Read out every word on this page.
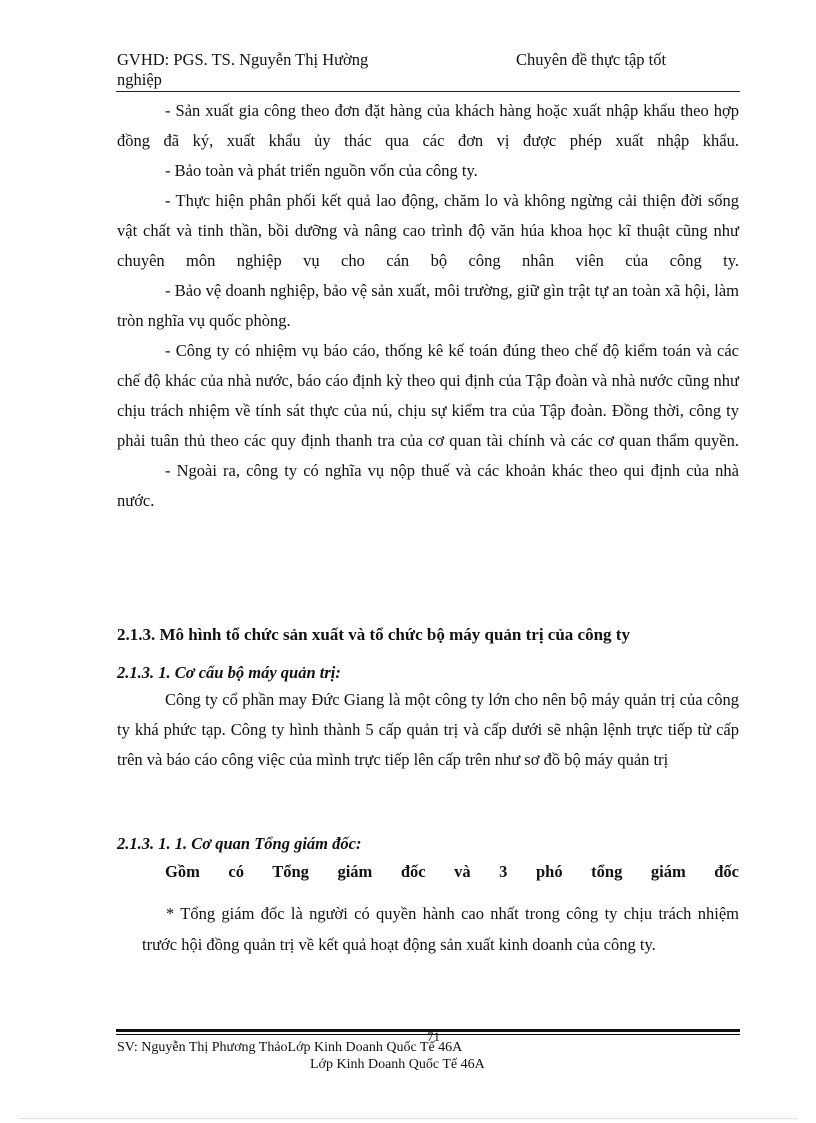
GVHD: PGS. TS. Nguyễn Thị Hường	Chuyên đề thực tập tốt
nghiệp

- Sản xuất gia công theo đơn đặt hàng của khách hàng hoặc xuất nhập khẩu theo hợp đồng đã ký, xuất khẩu ủy thác qua các đơn vị được phép xuất nhập khẩu.

- Bảo toàn và phát triển nguồn vốn của công ty.

- Thực hiện phân phối kết quả lao động, chăm lo và không ngừng cải thiện đời sống vật chất và tinh thần, bồi dưỡng và nâng cao trình độ văn húa khoa học kĩ thuật cũng như chuyên môn nghiệp vụ cho cán bộ công nhân viên của công ty.

- Bảo vệ doanh nghiệp, bảo vệ sản xuất, môi trường, giữ gìn trật tự an toàn xã hội, làm tròn nghĩa vụ quốc phòng.

- Công ty có nhiệm vụ báo cáo, thống kê kế toán đúng theo chế độ kiểm toán và các chế độ khác của nhà nước, báo cáo định kỳ theo qui định của Tập đoàn và nhà nước cũng như chịu trách nhiệm về tính sát thực của nú, chịu sự kiểm tra của Tập đoàn. Đồng thời, công ty phải tuân thủ theo các quy định thanh tra của cơ quan tài chính và các cơ quan thẩm quyền.

- Ngoài ra, công ty có nghĩa vụ nộp thuế và các khoản khác theo qui định của nhà nước.

2.1.3. Mô hình tổ chức sản xuất và tổ chức bộ máy quản trị của công ty
2.1.3. 1. Cơ cấu bộ máy quản trị:

Công ty cổ phần may Đức Giang là một công ty lớn cho nên bộ máy quản trị của công ty khá phức tạp. Công ty hình thành 5 cấp quản trị và cấp dưới sẽ nhận lệnh trực tiếp từ cấp trên và báo cáo công việc của mình trực tiếp lên cấp trên như sơ đồ bộ máy quản trị

2.1.3. 1. 1. Cơ quan Tổng giám đốc:

Gồm có Tổng giám đốc và 3 phó tổng giám đốc

* Tổng giám đốc là người có quyền hành cao nhất trong công ty chịu trách nhiệm trước hội đồng quản trị về kết quả hoạt động sản xuất kinh doanh của công ty.

71
SV: Nguyễn Thị Phương ThảoLớp Kinh Doanh Quốc Tế 46A
Lớp Kinh Doanh Quốc Tế 46A
